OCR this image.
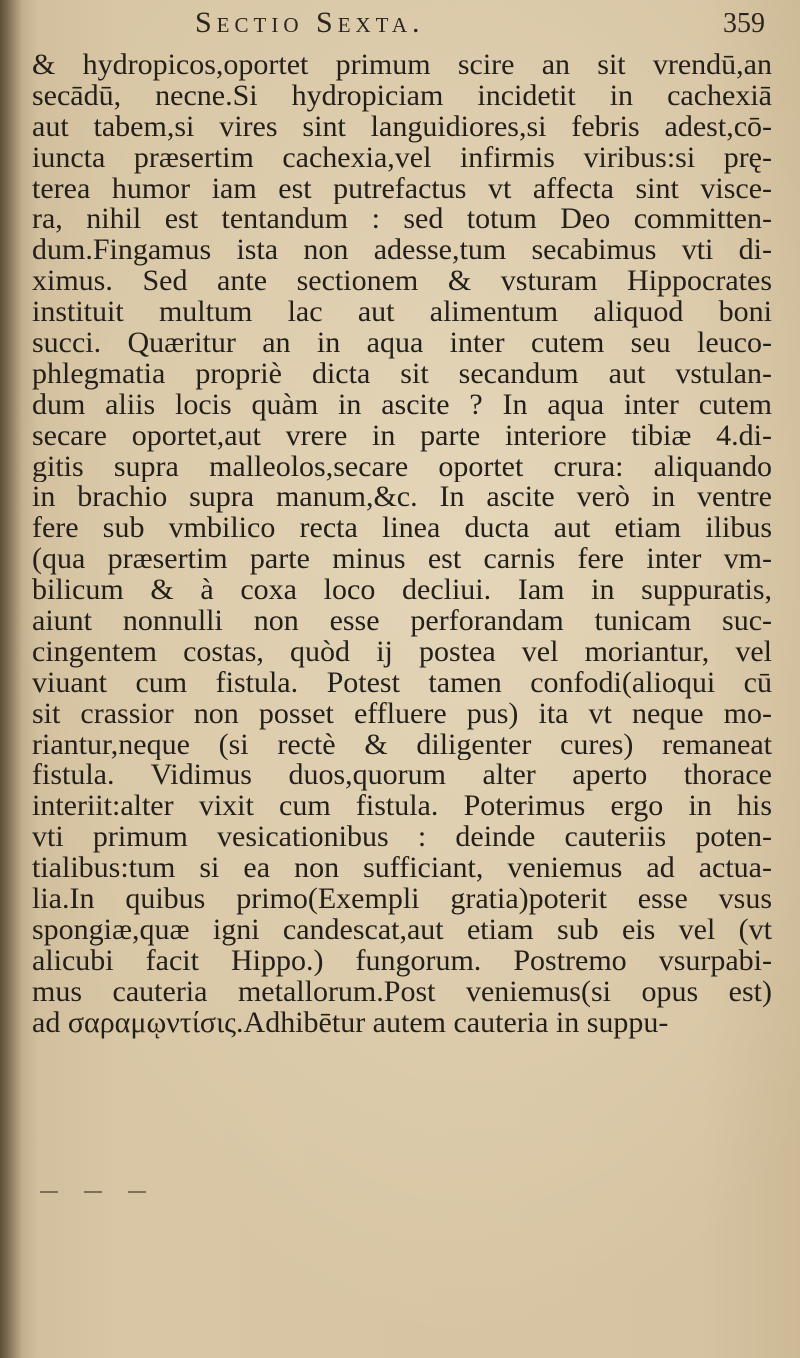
Sectio Sexta.	359
& hydropicos,oportet primum scire an sit vrendū,an
secādū, necne.Si hydropiciam incidetit in cachexiā
aut tabem,si vires sint languidiores,si febris adest,cō-
iuncta præsertim cachexia,vel infirmis viribus:si prę-
terea humor iam est putrefactus vt affecta sint visce-
ra, nihil est tentandum : sed totum Deo committen-
dum.Fingamus ista non adesse,tum secabimus vti di-
ximus. Sed ante sectionem & vsturam Hippocrates
instituit multum lac aut alimentum aliquod boni
succi. Quæritur an in aqua inter cutem seu leuco-
phlegmatia propriè dicta sit secandum aut vstulan-
dum aliis locis quàm in ascite ? In aqua inter cutem
secare oportet,aut vrere in parte interiore tibiæ 4.di-
gitis supra malleolos,secare oportet crura: aliquando
in brachio supra manum,&c. In ascite verò in ventre
fere sub vmbilico recta linea ducta aut etiam ilibus
(qua præsertim parte minus est carnis fere inter vm-
bilicum & à coxa loco decliui. Iam in suppuratis,
aiunt nonnulli non esse perforandam tunicam suc-
cingentem costas, quòd ij postea vel moriantur, vel
viuant cum fistula. Potest tamen confodi(alioqui cū
sit crassior non posset effluere pus) ita vt neque mo-
riantur,neque (si rectè & diligenter cures) remaneat
fistula. Vidimus duos,quorum alter aperto thorace
interiit:alter vixit cum fistula. Poterimus ergo in his
vti primum vesicationibus : deinde cauteriis poten-
tialibus:tum si ea non sufficiant, veniemus ad actua-
lia.In quibus primo(Exempli gratia)poterit esse vsus
spongiæ,quæ igni candescat,aut etiam sub eis vel (vt
alicubi facit Hippo.) fungorum. Postremo vsurpabi-
mus cauteria metallorum.Post veniemus(si opus est)
ad σαραμῳντίσις.Adhibētur autem cauteria in suppu-
